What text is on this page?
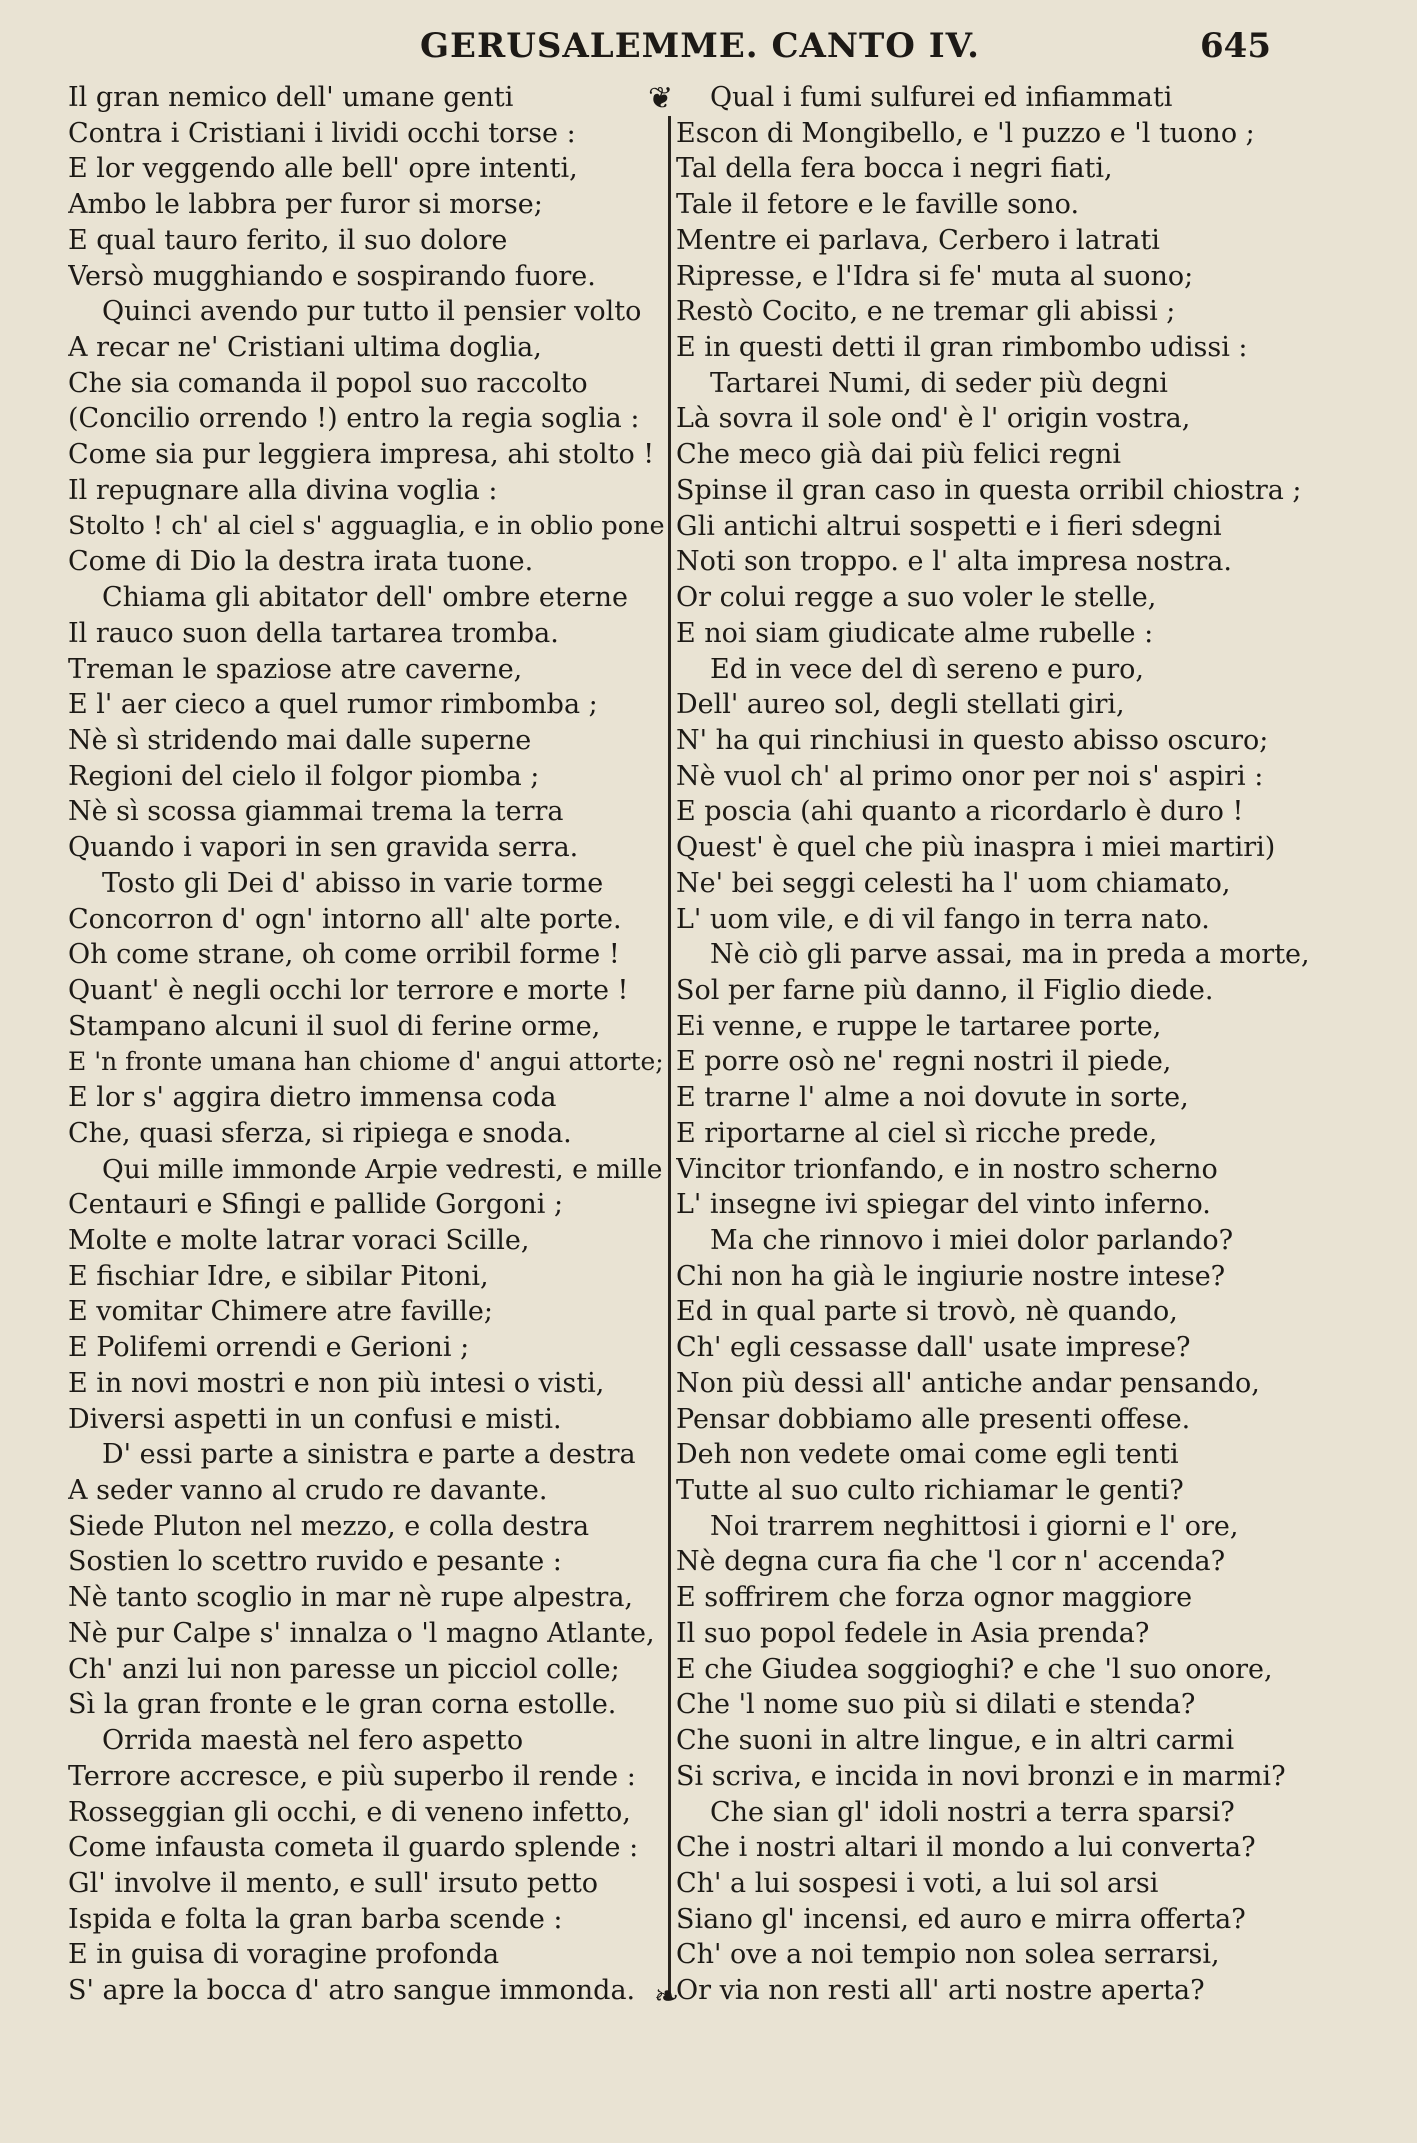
GERUSALEMME. CANTO IV.	645
❦
❧
Il gran nemico dell' umane genti
Contra i Cristiani i lividi occhi torse :
E lor veggendo alle bell' opre intenti,
Ambo le labbra per furor si morse;
E qual tauro ferito, il suo dolore
Versò mugghiando e sospirando fuore.
Quinci avendo pur tutto il pensier volto
A recar ne' Cristiani ultima doglia,
Che sia comanda il popol suo raccolto
(Concilio orrendo !) entro la regia soglia :
Come sia pur leggiera impresa, ahi stolto !
Il repugnare alla divina voglia :
Stolto ! ch' al ciel s' agguaglia, e in oblio pone
Come di Dio la destra irata tuone.
Chiama gli abitator dell' ombre eterne
Il rauco suon della tartarea tromba.
Treman le spaziose atre caverne,
E l' aer cieco a quel rumor rimbomba ;
Nè sì stridendo mai dalle superne
Regioni del cielo il folgor piomba ;
Nè sì scossa giammai trema la terra
Quando i vapori in sen gravida serra.
Tosto gli Dei d' abisso in varie torme
Concorron d' ogn' intorno all' alte porte.
Oh come strane, oh come orribil forme !
Quant' è negli occhi lor terrore e morte !
Stampano alcuni il suol di ferine orme,
E 'n fronte umana han chiome d' angui attorte;
E lor s' aggira dietro immensa coda
Che, quasi sferza, si ripiega e snoda.
Qui mille immonde Arpie vedresti, e mille
Centauri e Sfingi e pallide Gorgoni ;
Molte e molte latrar voraci Scille,
E fischiar Idre, e sibilar Pitoni,
E vomitar Chimere atre faville;
E Polifemi orrendi e Gerioni ;
E in novi mostri e non più intesi o visti,
Diversi aspetti in un confusi e misti.
D' essi parte a sinistra e parte a destra
A seder vanno al crudo re davante.
Siede Pluton nel mezzo, e colla destra
Sostien lo scettro ruvido e pesante :
Nè tanto scoglio in mar nè rupe alpestra,
Nè pur Calpe s' innalza o 'l magno Atlante,
Ch' anzi lui non paresse un picciol colle;
Sì la gran fronte e le gran corna estolle.
Orrida maestà nel fero aspetto
Terrore accresce, e più superbo il rende :
Rosseggian gli occhi, e di veneno infetto,
Come infausta cometa il guardo splende :
Gl' involve il mento, e sull' irsuto petto
Ispida e folta la gran barba scende :
E in guisa di voragine profonda
S' apre la bocca d' atro sangue immonda.
Qual i fumi sulfurei ed infiammati
Escon di Mongibello, e 'l puzzo e 'l tuono ;
Tal della fera bocca i negri fiati,
Tale il fetore e le faville sono.
Mentre ei parlava, Cerbero i latrati
Ripresse, e l'Idra si fe' muta al suono;
Restò Cocito, e ne tremar gli abissi ;
E in questi detti il gran rimbombo udissi :
Tartarei Numi, di seder più degni
Là sovra il sole ond' è l' origin vostra,
Che meco già dai più felici regni
Spinse il gran caso in questa orribil chiostra ;
Gli antichi altrui sospetti e i fieri sdegni
Noti son troppo. e l' alta impresa nostra.
Or colui regge a suo voler le stelle,
E noi siam giudicate alme rubelle :
Ed in vece del dì sereno e puro,
Dell' aureo sol, degli stellati giri,
N' ha qui rinchiusi in questo abisso oscuro;
Nè vuol ch' al primo onor per noi s' aspiri :
E poscia (ahi quanto a ricordarlo è duro !
Quest' è quel che più inaspra i miei martiri)
Ne' bei seggi celesti ha l' uom chiamato,
L' uom vile, e di vil fango in terra nato.
Nè ciò gli parve assai, ma in preda a morte,
Sol per farne più danno, il Figlio diede.
Ei venne, e ruppe le tartaree porte,
E porre osò ne' regni nostri il piede,
E trarne l' alme a noi dovute in sorte,
E riportarne al ciel sì ricche prede,
Vincitor trionfando, e in nostro scherno
L' insegne ivi spiegar del vinto inferno.
Ma che rinnovo i miei dolor parlando?
Chi non ha già le ingiurie nostre intese?
Ed in qual parte si trovò, nè quando,
Ch' egli cessasse dall' usate imprese?
Non più dessi all' antiche andar pensando,
Pensar dobbiamo alle presenti offese.
Deh non vedete omai come egli tenti
Tutte al suo culto richiamar le genti?
Noi trarrem neghittosi i giorni e l' ore,
Nè degna cura fia che 'l cor n' accenda?
E soffrirem che forza ognor maggiore
Il suo popol fedele in Asia prenda?
E che Giudea soggioghi? e che 'l suo onore,
Che 'l nome suo più si dilati e stenda?
Che suoni in altre lingue, e in altri carmi
Si scriva, e incida in novi bronzi e in marmi?
Che sian gl' idoli nostri a terra sparsi?
Che i nostri altari il mondo a lui converta?
Ch' a lui sospesi i voti, a lui sol arsi
Siano gl' incensi, ed auro e mirra offerta?
Ch' ove a noi tempio non solea serrarsi,
Or via non resti all' arti nostre aperta?
